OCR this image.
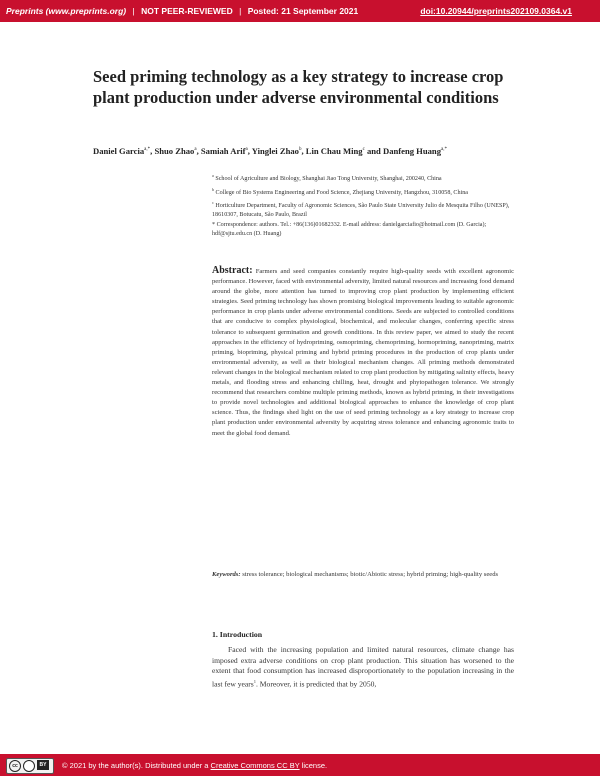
Preprints (www.preprints.org) | NOT PEER-REVIEWED | Posted: 21 September 2021	doi:10.20944/preprints202109.0364.v1
Seed priming technology as a key strategy to increase crop plant production under adverse environmental conditions
Daniel Garcia$^{a,*}$, Shuo Zhao$^a$, Samiah Arif$^a$, Yinglei Zhao$^b$, Lin Chau Ming$^c$ and Danfeng Huang$^{a,*}$

$^a$ School of Agriculture and Biology, Shanghai Jiao Tong University, Shanghai, 200240, China

$^b$ College of Bio Systems Engineering and Food Science, Zhejiang University, Hangzhou, 310058, China

$^c$ Horticulture Department, Faculty of Agronomic Sciences, São Paulo State University Julio de Mesquita Filho (UNESP), 18610307, Botucatu, São Paulo, Brazil

* Correspondence: authors. Tel.: +86(136)01682332. E-mail address: danielgarciafio@hotmail.com (D. Garcia); hdf@sjtu.edu.cn (D. Huang)

Abstract: Farmers and seed companies constantly require high-quality seeds with excellent agronomic performance. However, faced with environmental adversity, limited natural resources and increasing food demand around the globe, more attention has turned to improving crop plant production by implementing efficient strategies. Seed priming technology has shown promising biological improvements leading to suitable agronomic performance in crop plants under adverse environmental conditions. Seeds are subjected to controlled conditions that are conducive to complex physiological, biochemical, and molecular changes, conferring specific stress tolerance to subsequent germination and growth conditions. In this review paper, we aimed to study the recent approaches in the efficiency of hydropriming, osmopriming, chemopriming, hormopriming, nanopriming, matrix priming, biopriming, physical priming and hybrid priming procedures in the production of crop plants under environmental adversity, as well as their biological mechanism changes. All priming methods demonstrated relevant changes in the biological mechanism related to crop plant production by mitigating salinity effects, heavy metals, and flooding stress and enhancing chilling, heat, drought and phytopathogen tolerance. We strongly recommend that researchers combine multiple priming methods, known as hybrid priming, in their investigations to provide novel technologies and additional biological approaches to enhance the knowledge of crop plant science. Thus, the findings shed light on the use of seed priming technology as a key strategy to increase crop plant production under environmental adversity by acquiring stress tolerance and enhancing agronomic traits to meet the global food demand.
Keywords: stress tolerance; biological mechanisms; biotic/Abiotic stress; hybrid priming; high-quality seeds
1. Introduction
Faced with the increasing population and limited natural resources, climate change has imposed extra adverse conditions on crop plant production. This situation has worsened to the extent that food consumption has increased disproportionately to the population increasing in the last few years$^1$. Moreover, it is predicted that by 2050,
cc	BY	© 2021 by the author(s). Distributed under a Creative Commons CC BY license.
